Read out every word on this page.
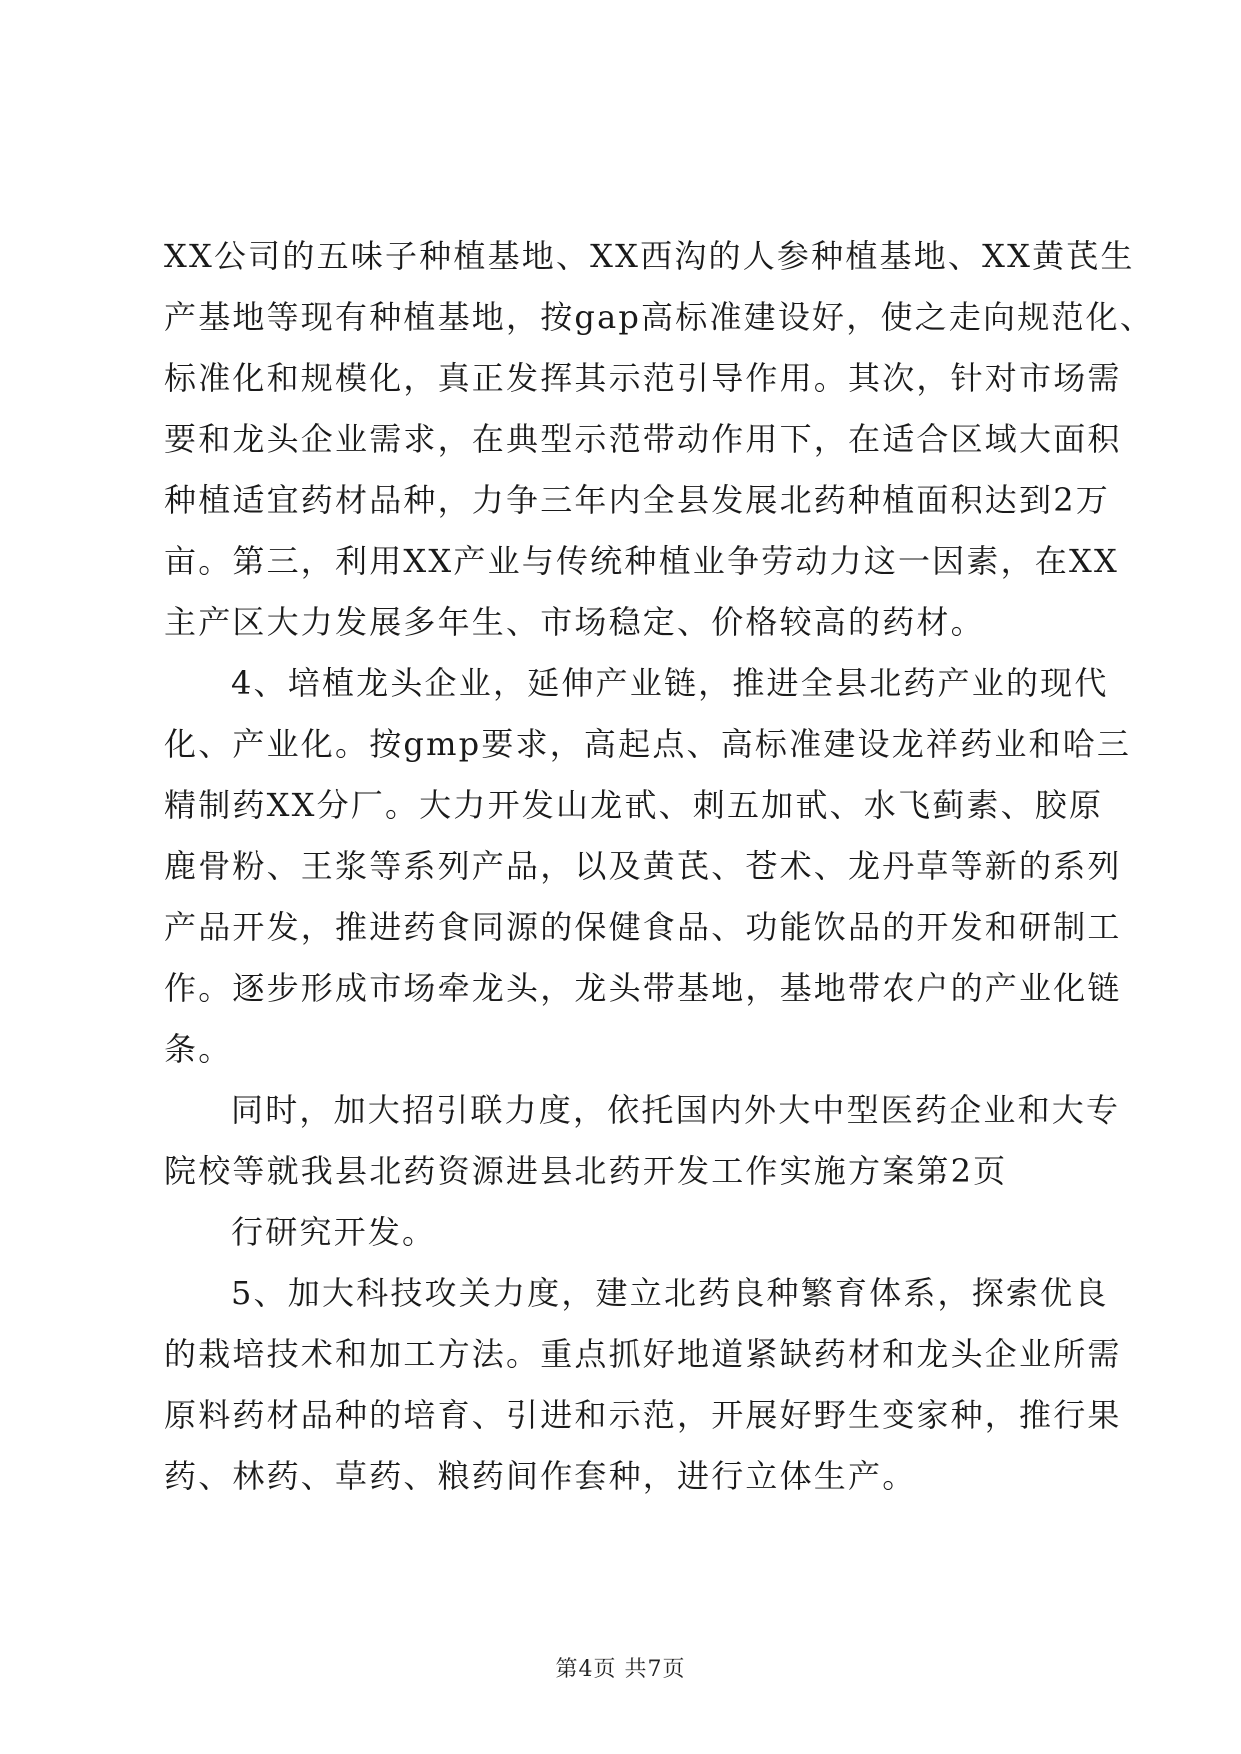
XX公司的五味子种植基地、XX西沟的人参种植基地、XX黄芪生
产基地等现有种植基地，按gap高标准建设好，使之走向规范化、
标准化和规模化，真正发挥其示范引导作用。其次，针对市场需
要和龙头企业需求，在典型示范带动作用下，在适合区域大面积
种植适宜药材品种，力争三年内全县发展北药种植面积达到2万
亩。第三，利用XX产业与传统种植业争劳动力这一因素，在XX
主产区大力发展多年生、市场稳定、价格较高的药材。
4、培植龙头企业，延伸产业链，推进全县北药产业的现代
化、产业化。按gmp要求，高起点、高标准建设龙祥药业和哈三
精制药XX分厂。大力开发山龙甙、刺五加甙、水飞蓟素、胶原
鹿骨粉、王浆等系列产品，以及黄芪、苍术、龙丹草等新的系列
产品开发，推进药食同源的保健食品、功能饮品的开发和研制工
作。逐步形成市场牵龙头，龙头带基地，基地带农户的产业化链
条。
同时，加大招引联力度，依托国内外大中型医药企业和大专
院校等就我县北药资源进县北药开发工作实施方案第2页
行研究开发。
5、加大科技攻关力度，建立北药良种繁育体系，探索优良
的栽培技术和加工方法。重点抓好地道紧缺药材和龙头企业所需
原料药材品种的培育、引进和示范，开展好野生变家种，推行果
药、林药、草药、粮药间作套种，进行立体生产。
第4页 共7页
